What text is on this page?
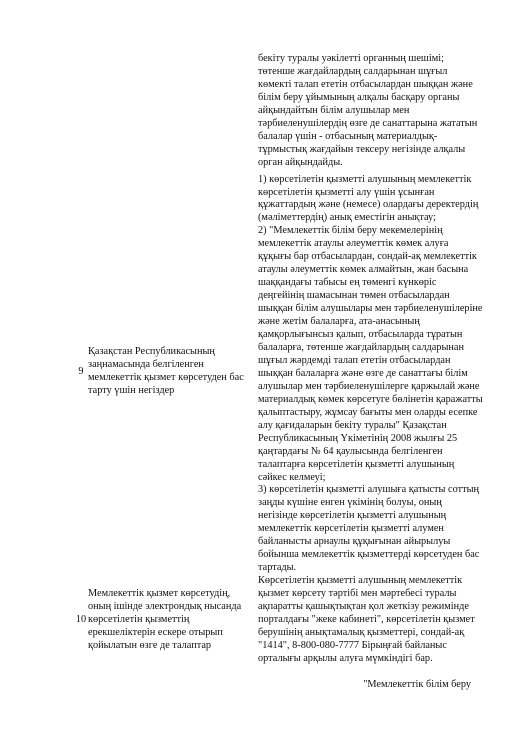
		бекіту туралы уәкілетті органның шешімі; төтенше жағдайлардың салдарынан шұғыл көмекті талап ететін отбасылардан шыққан және білім беру ұйымының алқалы басқару органы айқындайтын білім алушылар мен тәрбиеленушілердің өзге де санаттарына жататын балалар үшін - отбасының материалдық-тұрмыстық жағдайын тексеру негізінде алқалы орган айқындайды.

9	Қазақстан Республикасының заңнамасында белгіленген мемлекеттік қызмет көрсетуден бас тарту үшін негіздер	1) көрсетілетін қызметті алушының мемлекеттік көрсетілетін қызметті алу үшін ұсынған құжаттардың және (немесе) олардағы деректердің (мәліметтердің) анық еместігін анықтау;

2) "Мемлекеттік білім беру мекемелерінің мемлекеттік атаулы әлеуметтік көмек алуға құқығы бар отбасылардан, сондай-ақ мемлекеттік атаулы әлеуметтік көмек алмайтын, жан басына шаққандағы табысы ең төменгі күнкөріс деңгейінің шамасынан төмен отбасылардан шыққан білім алушылары мен тәрбиеленушілеріне және жетім балаларға, ата-анасының қамқорлығынсыз қалып, отбасыларда тұратын балаларға, төтенше жағдайлардың салдарынан шұғыл жәрдемді талап ететін отбасылардан шыққан балаларға және өзге де санаттағы білім алушылар мен тәрбиеленушілерге қаржылай және материалдық көмек көрсетуге бөлінетін қаражатты қалыптастыру, жұмсау бағыты мен оларды есепке алу қағидаларын бекіту туралы" Қазақстан Республикасының Үкіметінің 2008 жылғы 25 қаңтардағы № 64 қаулысында белгіленген талаптарға көрсетілетін қызметті алушының сәйкес келмеуі;

3) көрсетілетін қызметті алушыға қатысты соттың заңды күшіне енген үкімінің болуы, оның негізінде көрсетілетін қызметті алушының мемлекеттік көрсетілетін қызметті алумен байланысты арнаулы құқығынан айырылуы бойынша мемлекеттік қызметтерді көрсетуден бас тартады.

10	Мемлекеттік қызмет көрсетудің, оның ішінде электрондық нысанда көрсетілетін қызметтің ерекшеліктерін ескере отырып қойылатын өзге де талаптар	Көрсетілетін қызметті алушының мемлекеттік қызмет көрсету тәртібі мен мәртебесі туралы ақпаратты қашықтықтан қол жеткізу режимінде порталдағы "жеке кабинеті", көрсетілетін қызмет берушінің анықтамалық қызметтері, сондай-ақ "1414", 8-800-080-7777 Бірыңғай байланыс орталығы арқылы алуға мүмкіндігі бар.

"Мемлекеттік білім беру
